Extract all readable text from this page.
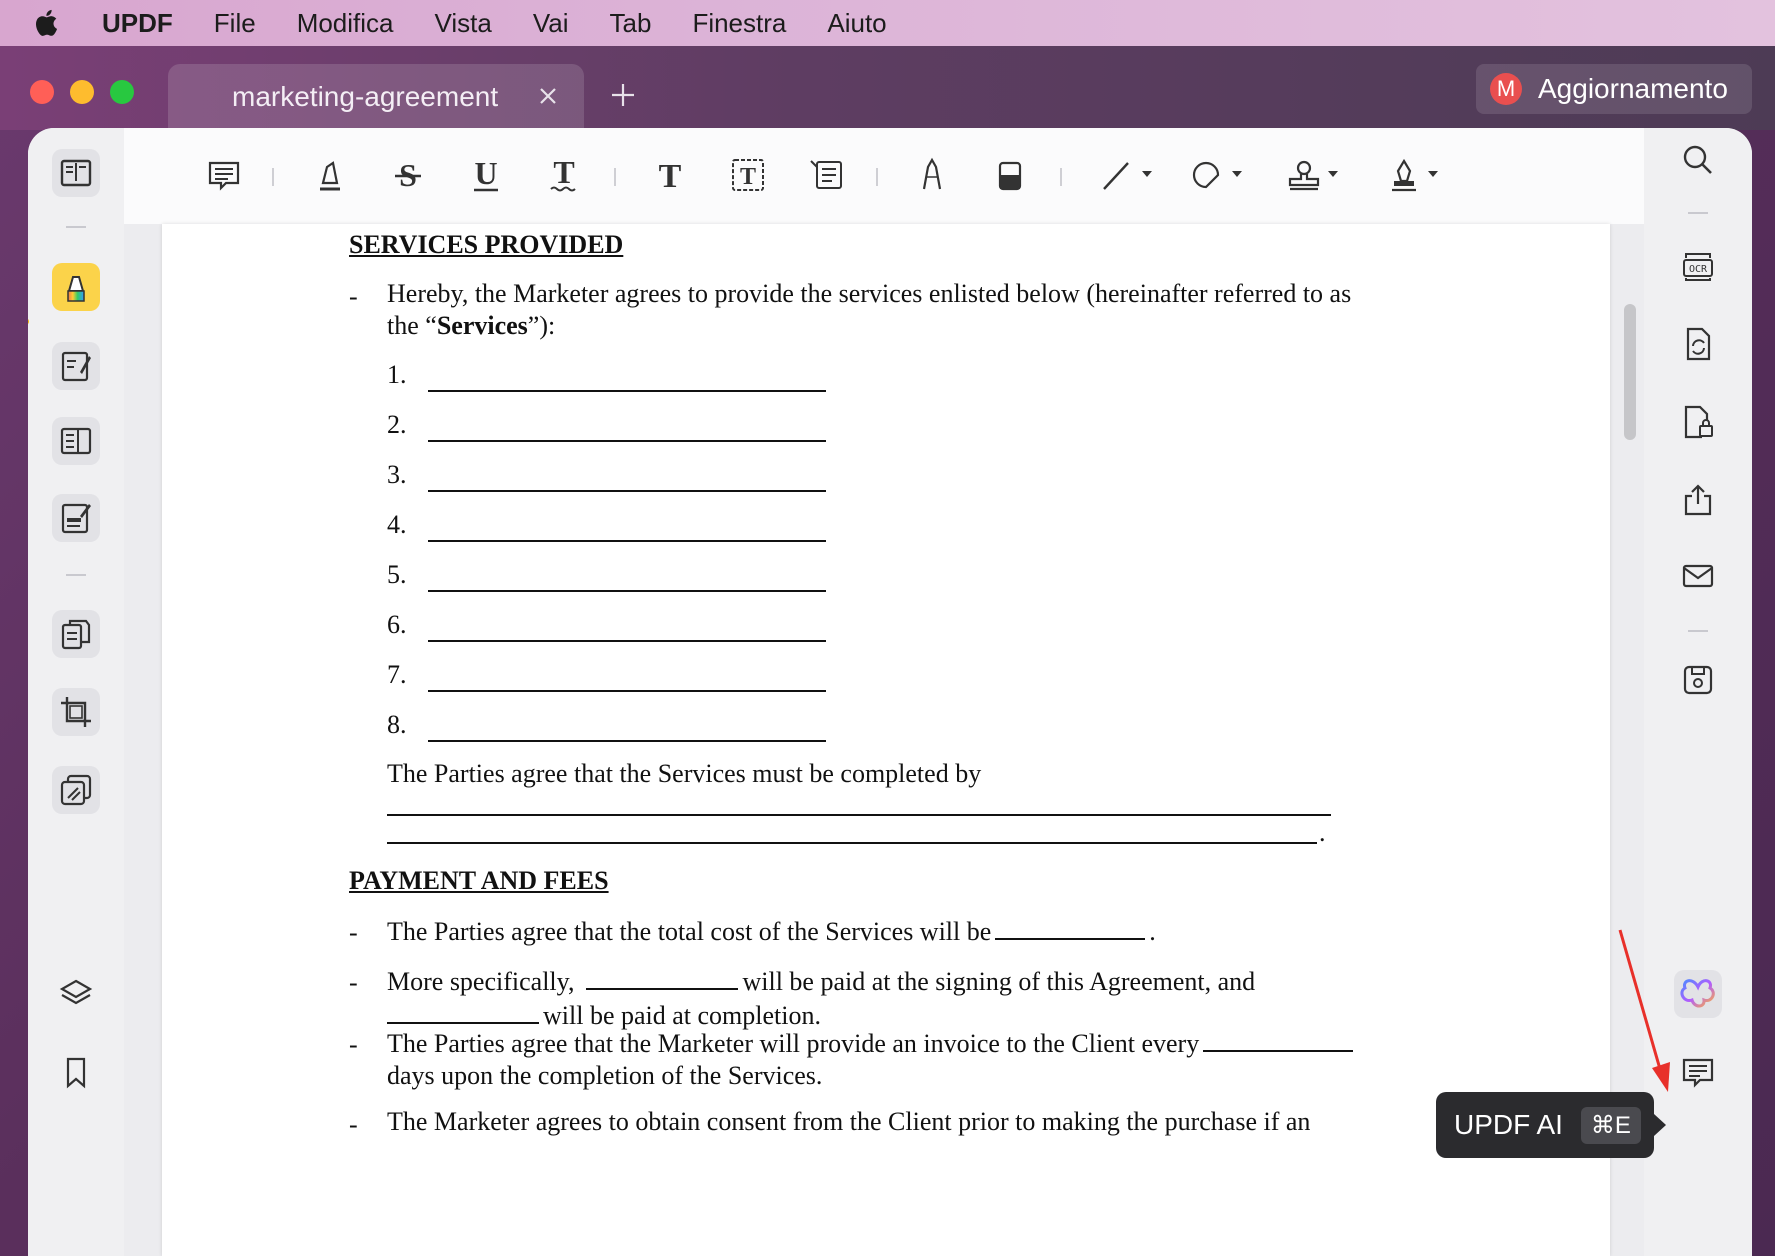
UPDF File Modifica Vista Vai Tab Finestra Aiuto
marketing-agreement	M Aggiornamento
S U T T T
SERVICES PROVIDED
- Hereby, the Marketer agrees to provide the services enlisted below (hereinafter referred to as
the “Services”):
1.
2.
3.
4.
5.
6.
7.
8.
The Parties agree that the Services must be completed by
.
PAYMENT AND FEES
- The Parties agree that the total cost of the Services will be	.
- More specifically,	will be paid at the signing of this Agreement, and
will be paid at completion.
- The Parties agree that the Marketer will provide an invoice to the Client every
days upon the completion of the Services.
- The Marketer agrees to obtain consent from the Client prior to making the purchase if an
OCR
UPDF AI	⌘E
